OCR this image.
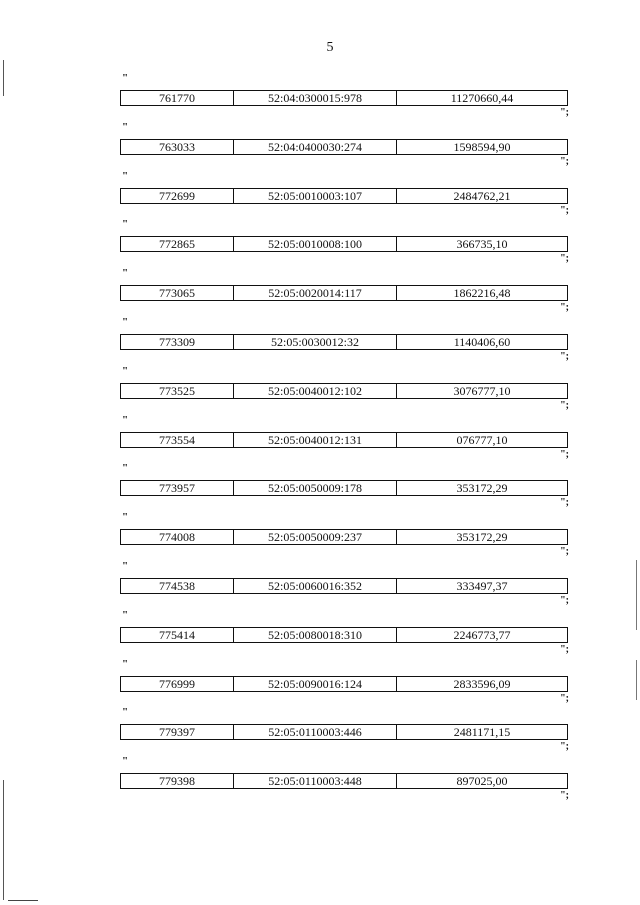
5
"
761770	52:04:0300015:978	11270660,44
";
"
763033	52:04:0400030:274	1598594,90
";
"
772699	52:05:0010003:107	2484762,21
";
"
772865	52:05:0010008:100	366735,10
";
"
773065	52:05:0020014:117	1862216,48
";
"
773309	52:05:0030012:32	1140406,60
";
"
773525	52:05:0040012:102	3076777,10
";
"
773554	52:05:0040012:131	076777,10
";
"
773957	52:05:0050009:178	353172,29
";
"
774008	52:05:0050009:237	353172,29
";
"
774538	52:05:0060016:352	333497,37
";
"
775414	52:05:0080018:310	2246773,77
";
"
776999	52:05:0090016:124	2833596,09
";
"
779397	52:05:0110003:446	2481171,15
";
"
779398	52:05:0110003:448	897025,00
";
